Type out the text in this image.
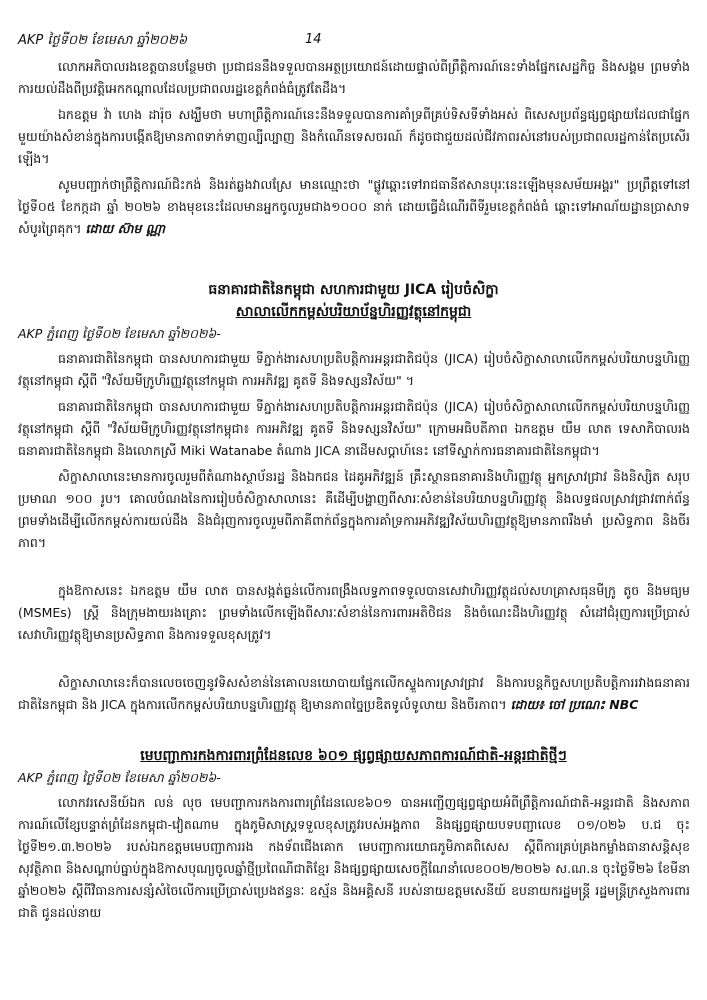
AKP ថ្ងៃទី០២ ខែមេសា ឆ្នាំ២០២៦	14

លោកអភិបាលរងខេត្តបានបន្ថែមថា ប្រជាជននឹងទទួលបានអត្ថប្រយោជន៍ដោយផ្ទាល់ពីព្រឹត្តិការណ៍នេះទាំងផ្នែកសេដ្ឋកិច្ច និងសង្គម ព្រមទាំងការយល់ដឹងពីប្រវត្តិអេកកណ្តាលដែលប្រជាពលរដ្ឋខេត្តកំពង់ធំត្រូវតែដឹង។

ឯកឧត្តម វ៉ា ហេង ដារ៉ុច សង្ឃឹមថា មហាព្រឹត្តិការណ៍នេះនឹងទទួលបានការគាំទ្រពីគ្រប់ទិសទីទាំងអស់ ពិសេសប្រព័ន្ធផ្សព្វផ្សាយដែលជាផ្នែកមួយយ៉ាងសំខាន់ក្នុងការបង្កើតឱ្យមានភាពទាក់ទាញល្បីល្បាញ និងកំណើនទេសចរណ៍ ក៏ដូចជាជួយដល់ជីវភាពរស់នៅរបស់ប្រជាពលរដ្ឋកាន់តែប្រសើរឡើង។

សូមបញ្ជាក់ថាព្រឹត្តិការណ៍ជិះកង់ និងរត់ឆ្លងវាលស្រែ មានឈ្មោះថា "ផ្លូវឆ្ពោះទៅរាជធានីឥសានបុរៈនេះឡើងមុនសម័យអង្គរ" ប្រព្រឹត្តទៅនៅថ្ងៃទី០៥ ខែកក្កដា ឆ្នាំ ២០២៦ ខាងមុខនេះដែលមានអ្នកចូលរួមជាង១០០០ នាក់ ដោយធ្វើដំណើរពីទីរួមខេត្តកំពង់ធំ ឆ្ពោះទៅអាណ័យដ្ឋានប្រាសាទសំបូរព្រៃគុក។ ដោយ ស៊ាម ណ្ណា

ធនាគារជាតិនៃកម្ពុជា សហការជាមួយ JICA រៀបចំសិក្ខា
សាលាលើកកម្ពស់បរិយាប័ន្នហិរញ្ញវត្ថុនៅកម្ពុជា
AKP ភ្នំពេញ ថ្ងៃទី០២ ខែមេសា ឆ្នាំ២០២៦-

ធនាគារជាតិនៃកម្ពុជា បានសហការជាមួយ ទីភ្នាក់ងារសហប្រតិបត្តិការអន្តរជាតិជប៉ុន (JICA) រៀបចំសិក្ខាសាលាលើកកម្ពស់បរិយាបន្នហិរញ្ញវត្ថុនៅកម្ពុជា ស្តីពី "វិស័យមីក្រូហិរញ្ញវត្ថុនៅកម្ពុជា ការអភិវឌ្ឍ គូតទី និងទស្សនវិស័យ" ។

ធនាគារជាតិនៃកម្ពុជា បានសហការជាមួយ ទីភ្នាក់ងារសហប្រតិបត្តិការអន្តរជាតិជប៉ុន (JICA) រៀបចំសិក្ខាសាលាលើកកម្ពស់បរិយាបន្នហិរញ្ញវត្ថុនៅកម្ពុជា ស្តីពី "វិស័យមីក្រូហិរញ្ញវត្ថុនៅកម្ពុជា៖ ការអភិវឌ្ឍ គូតទី និងទស្សនវិស័យ" ក្រោមអធិបតីភាព ឯកឧត្តម យឹម លាត ទេសាភិបាលរង ធនាគារជាតិនៃកម្ពុជា និងលោកស្រី Miki Watanabe តំណាង JICA នាដើមសប្តាហ៍នេះ នៅទីស្នាក់ការធនាគារជាតិនៃកម្ពុជា។

សិក្ខាសាលានេះមានការចូលរួមពីតំណាងស្ថាប័នរដ្ឋ និងឯកជន ដៃគូអភិវឌ្ឍន៍ គ្រឹះស្ថានធនាគារនិងហិរញ្ញវត្ថុ អ្នកស្រាវជ្រាវ និងនិស្សិត សរុបប្រមាណ ១០០ រូប។ គោលបំណងនៃការរៀបចំសិក្ខាសាលានេះ គឺដើម្បីបង្ហាញពីសារៈសំខាន់នៃបរិយាបន្នហិរញ្ញវត្ថុ និងលទ្ធផលស្រាវជ្រាវពាក់ព័ន្ធ ព្រមទាំងដើម្បីលើកកម្ពស់ការយល់ដឹង និងជំរុញការចូលរួមពីភាគីពាក់ព័ន្ធក្នុងការគាំទ្រការអភិវឌ្ឍវិស័យហិរញ្ញវត្ថុឱ្យមានភាពរឹងមាំ ប្រសិទ្ធភាព និងចីរភាព។

ក្នុងឱកាសនេះ ឯកឧត្តម យឹម លាត បានសង្កត់ធ្ងន់លើការពង្រឹងលទ្ធភាពទទួលបានសេវាហិរញ្ញវត្ថុដល់សហគ្រាសធុនមីក្រូ តូច និងមធ្យម (MSMEs) ស្ត្រី និងក្រុមងាយរងគ្រោះ ព្រមទាំងលើកឡើងពីសារៈសំខាន់នៃការពារអតិថិជន និងចំណេះដឹងហិរញ្ញវត្ថុ សំដៅជំរុញការប្រើប្រាស់សេវាហិរញ្ញវត្ថុឱ្យមានប្រសិទ្ធភាព និងការទទួលខុសត្រូវ។

សិក្ខាសាលានេះក៏បានលេចចេញនូវទិសសំខាន់នៃគោលនយោបាយផ្នែកលើកស្ទួងការស្រាវជ្រាវ និងការបន្តកិច្ចសហប្រតិបត្តិការរវាងធនាគារជាតិនៃកម្ពុជា និង JICA ក្នុងការលើកកម្ពស់បរិយាបន្នហិរញ្ញវត្ថុ ឱ្យមានភាពច្នៃប្រឌិតទូលំទូលាយ និងចីរភាព។ ដោយ៖ ចៅ ប្រណេះ NBC

មេបញ្ជាការកងការពារព្រំដែនលេខ ៦០១ ផ្សព្វផ្សាយសភាពការណ៍ជាតិ-អន្តរជាតិថ្មីៗ
AKP ភ្នំពេញ ថ្ងៃទី០២ ខែមេសា ឆ្នាំ២០២៦-

លោកវរសេនីយ៍ឯក លន់ លុច មេបញ្ជាការកងការពារព្រំដែនលេខ៦០១ បានអញ្ជើញផ្សព្វផ្សាយអំពីព្រឹត្តិការណ៍ជាតិ-អន្តរជាតិ និងសភាពការណ៍លើខ្សែបន្ទាត់ព្រំដែនកម្ពុជា-វៀតណាម ក្នុងភូមិសាស្ត្រទទួលខុសត្រូវរបស់អង្គភាព និងផ្សព្វផ្សាយបទបញ្ជាលេខ ០១/០២៦ ប.ជ ចុះថ្ងៃទី២១.៣.២០២៦ របស់ឯកឧត្តមមេបញ្ជាការរង កងទ័ពជើងគោក មេបញ្ជាការយោធភូមិភាគពិសេស ស្តីពីការគ្រប់គ្រងកម្លាំងធានាសន្តិសុខ សុវត្ថិភាព និងសណ្តាប់ធ្នាប់ក្នុងឱកាសបុណ្យចូលឆ្នាំថ្មីប្រពៃណីជាតិខ្មែរ និងផ្សព្វផ្សាយសេចក្តីណែនាំលេខ០០២/២០២៦ ស.ណ.ន ចុះថ្ងៃទី២៦ ខែមីនា ឆ្នាំ២០២៦ ស្តីពីវិធានការសន្សំសំចៃលើការប្រើប្រាស់ប្រេងឥន្ធនៈ ឧស្ម័ន និងអគ្គិសនី របស់នាយឧត្តមសេនីយ៍ ឧបនាយករដ្ឋមន្ត្រី រដ្ឋមន្ត្រីក្រសួងការពារជាតិ ជូនដល់នាយ
